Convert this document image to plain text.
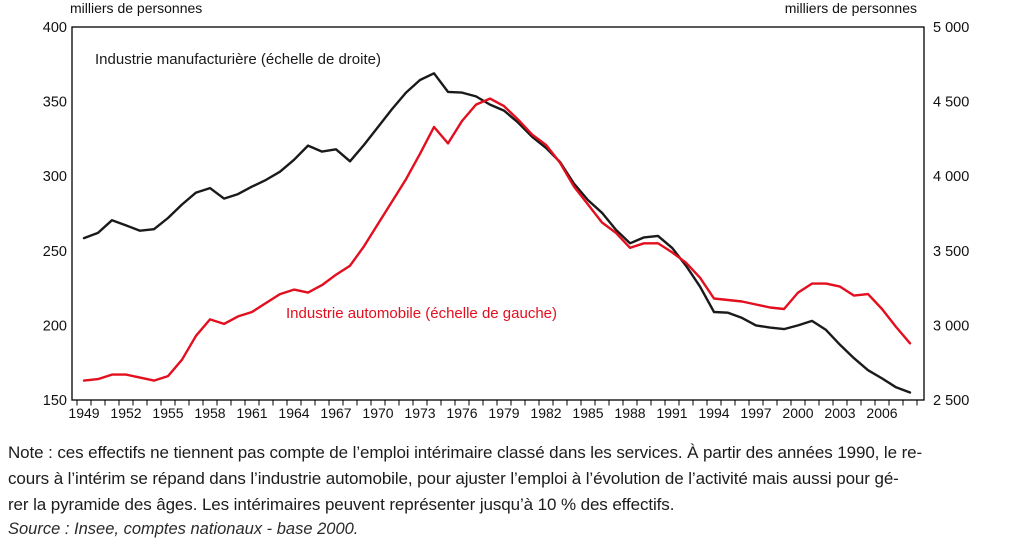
1949 1952 1955 1958 1961 1964 1967 1970 1973 1976 1979 1982 1985 1988 1991 1994 1997 2000 2003 2006
400
350
300
250
200
150
5 000
4 500
4 000
3 500
3 000
2 500
milliers de personnes	milliers de personnes
Industrie manufacturière (échelle de droite)
Industrie automobile (échelle de gauche)
Note : ces effectifs ne tiennent pas compte de l’emploi intérimaire classé dans les services. À partir des années 1990, le re-
cours à l’intérim se répand dans l’industrie automobile, pour ajuster l’emploi à l’évolution de l’activité mais aussi pour gé-
rer la pyramide des âges. Les intérimaires peuvent représenter jusqu’à 10 % des effectifs.
Source : Insee, comptes nationaux - base 2000.
